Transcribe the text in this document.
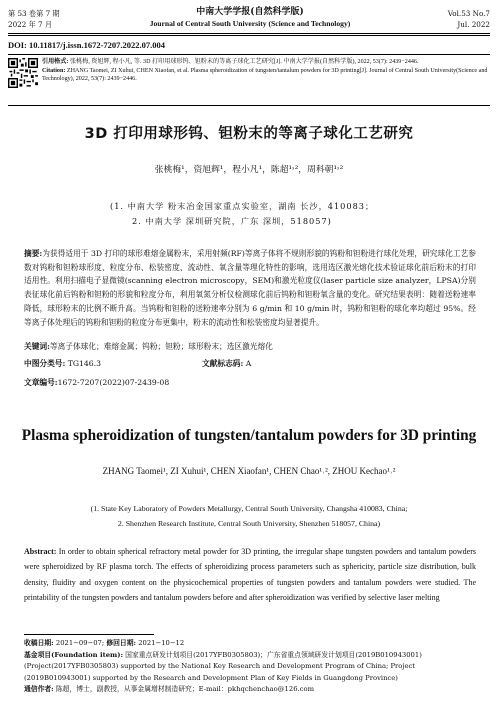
第 53 卷第 7 期
2022 年 7 月
中南大学学报(自然科学版)
Journal of Central South University (Science and Technology)
Vol.53 No.7
Jul. 2022
DOI: 10.11817/j.issn.1672-7207.2022.07.004
引用格式: 张桃梅, 资旭辉, 程小凡, 等. 3D 打印用球形钨、钽粉末的等离子球化工艺研究[J]. 中南大学学报(自然科学版), 2022, 53(7): 2439−2446.
Citation: ZHANG Taomei, ZI Xuhui, CHEN Xiaofan, et al. Plasma spheroidization of tungsten/tantalum powders for 3D printing[J]. Journal of Central South University(Science and Technology), 2022, 53(7): 2439−2446.
3D 打印用球形钨、钽粉末的等离子球化工艺研究
张桃梅¹，资旭辉¹，程小凡¹，陈超¹˒²，周科朝¹˒²
(1. 中南大学 粉末冶金国家重点实验室，湖南 长沙，410083；
2. 中南大学 深圳研究院，广东 深圳，518057)
摘要:为获得适用于 3D 打印的球形难熔金属粉末，采用射频(RF)等离子体将不规则形貌的钨粉和钽粉进行球化处理，研究球化工艺参数对钨粉和钽粉球形度、粒度分布、松装密度、流动性、氧含量等理化特性的影响，选用选区激光熔化技术验证球化前后粉末的打印适用性。利用扫描电子显微镜(scanning electron microscopy，SEM)和激光粒度仪(laser particle size analyzer，LPSA)分别表征球化前后钨粉和钽粉的形貌和粒度分布，利用氧氮分析仪检测球化前后钨粉和钽粉氧含量的变化。研究结果表明：随着送粉速率降低，球形粉末的比例不断升高。当钨粉和钽粉的送粉速率分别为 6 g/min 和 10 g/min 时，钨粉和钽粉的球化率均超过 95%。经等离子体处理后的钨粉和钽粉的粒度分布更集中，粉末的流动性和松装密度均显著提升。
关键词:等离子体球化；难熔金属；钨粉；钽粉；球形粉末；选区激光熔化
中图分类号: TG146.3	文献标志码: A
文章编号:1672-7207(2022)07-2439-08
Plasma spheroidization of tungsten/tantalum powders for 3D printing
ZHANG Taomei¹, ZI Xuhui¹, CHEN Xiaofan¹, CHEN Chao¹˒², ZHOU Kechao¹˒²
(1. State Key Laboratory of Powders Metallurgy, Central South University, Changsha 410083, China;
2. Shenzhen Research Institute, Central South University, Shenzhen 518057, China)
Abstract: In order to obtain spherical refractory metal powder for 3D printing, the irregular shape tungsten powders and tantalum powders were spheroidized by RF plasma torch. The effects of spheroidizing process parameters such as sphericity, particle size distribution, bulk density, fluidity and oxygen content on the physicochemical properties of tungsten powders and tantalum powders were studied. The printability of the tungsten powders and tantalum powders before and after spheroidization was verified by selective laser melting
收稿日期: 2021−09−07; 修回日期: 2021−10−12
基金项目(Foundation item): 国家重点研发计划项目(2017YFB0305803)；广东省重点领域研发计划项目(2019B010943001) (Project(2017YFB0305803) supported by the National Key Research and Development Program of China; Project (2019B010943001) supported by the Research and Development Plan of Key Fields in Guangdong Province)
通信作者: 陈超，博士，副教授，从事金属增材制造研究；E-mail：pkhqchenchao@126.com
